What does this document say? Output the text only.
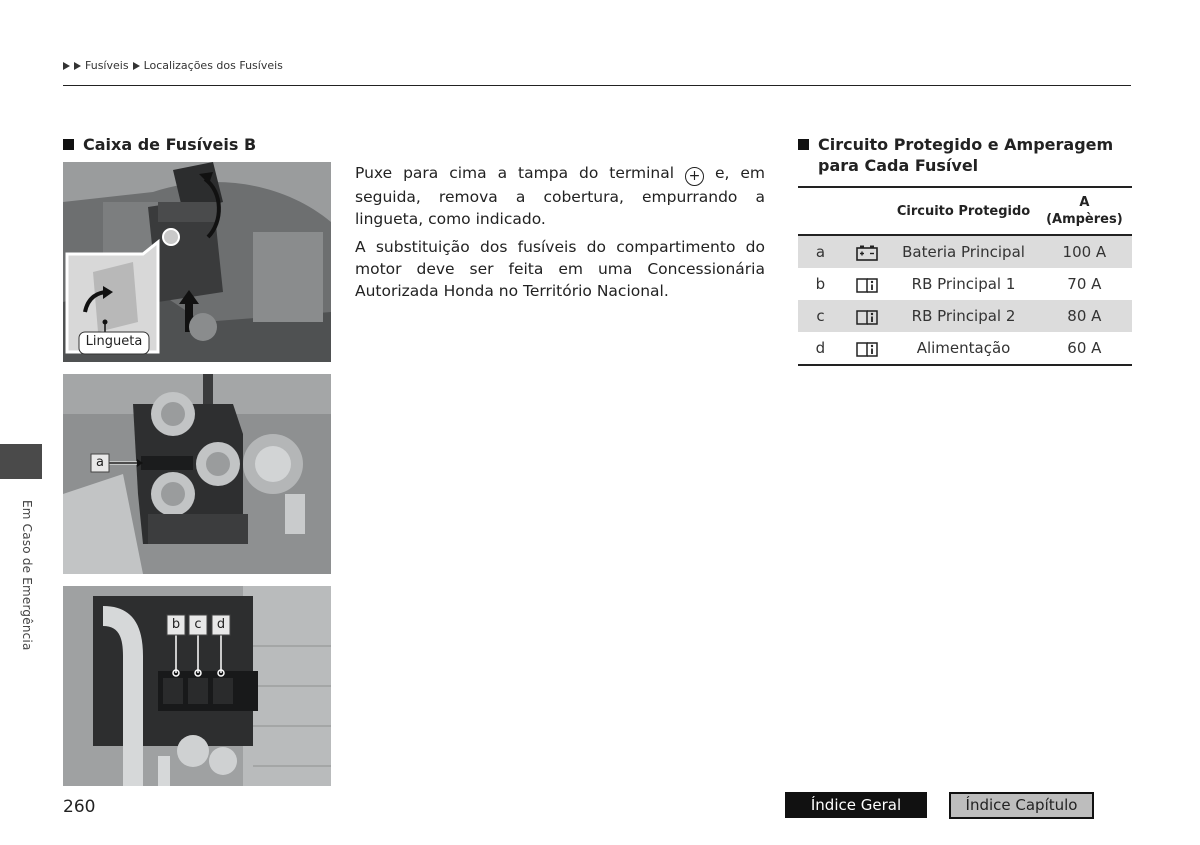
Fusíveis Localizações dos Fusíveis
Caixa de Fusíveis B
Lingueta
a
b	c	d

Puxe para cima a tampa do terminal + e, em seguida, remova a cobertura, empurrando a lingueta, como indicado.

A substituição dos fusíveis do compartimento do motor deve ser feita em uma Concessionária Autorizada Honda no Território Nacional.

Circuito Protegido e Amperagem para Cada Fusível
		Circuito Protegido	A
(Ampères)
a		Bateria Principal	100 A
b		RB Principal 1	70 A
c		RB Principal 2	80 A
d		Alimentação	60 A
Em Caso de Emergência
260	Índice Geral	Índice Capítulo
